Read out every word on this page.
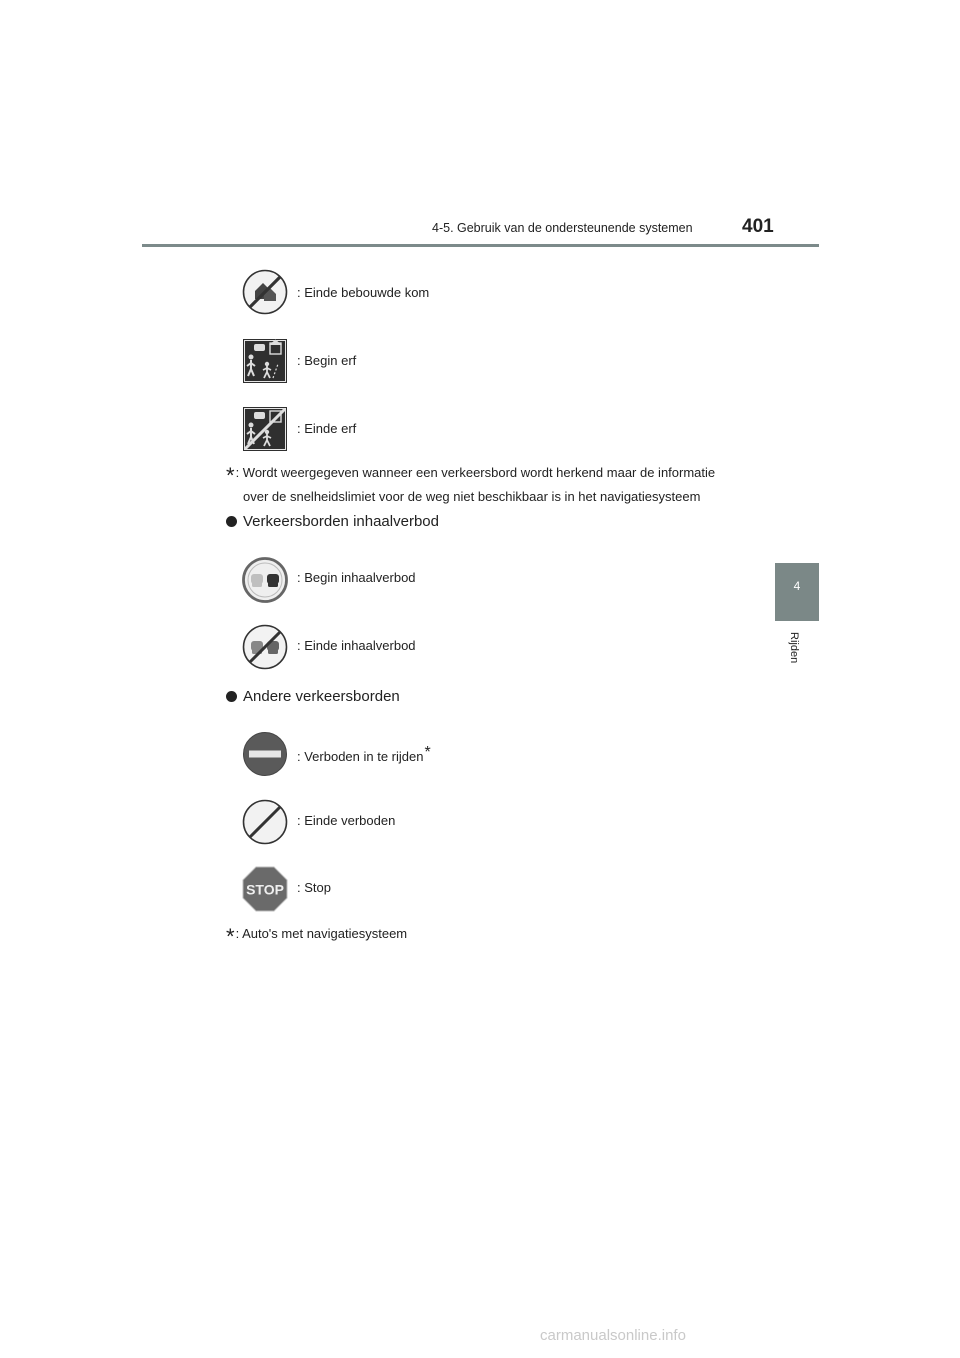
4-5. Gebruik van de ondersteunende systemen	401
4
Rijden
: Einde bebouwde kom
: Begin erf
: Einde erf
*: Wordt weergegeven wanneer een verkeersbord wordt herkend maar de informatie
over de snelheidslimiet voor de weg niet beschikbaar is in het navigatiesysteem
Verkeersborden inhaalverbod
: Begin inhaalverbod
: Einde inhaalverbod
Andere verkeersborden
: Verboden in te rijden*
: Einde verboden
STOP : Stop
*: Auto's met navigatiesysteem
carmanualsonline.info
